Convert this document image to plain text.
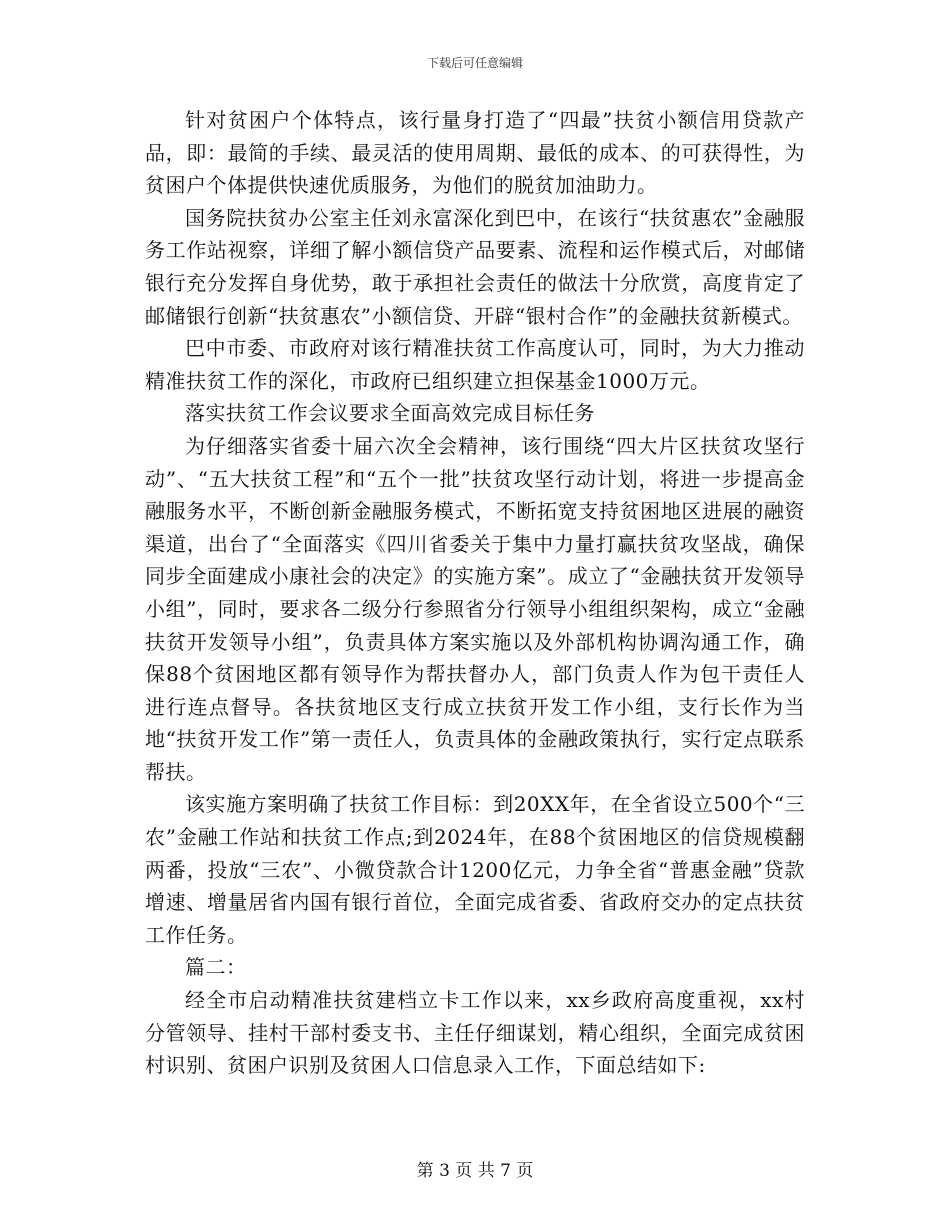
下载后可任意编辑

针对贫困户个体特点，该行量身打造了“四最”扶贫小额信用贷款产品，即：最简的手续、最灵活的使用周期、最低的成本、的可获得性，为贫困户个体提供快速优质服务，为他们的脱贫加油助力。

国务院扶贫办公室主任刘永富深化到巴中，在该行“扶贫惠农”金融服务工作站视察，详细了解小额信贷产品要素、流程和运作模式后，对邮储银行充分发挥自身优势，敢于承担社会责任的做法十分欣赏，高度肯定了邮储银行创新“扶贫惠农”小额信贷、开辟“银村合作”的金融扶贫新模式。

巴中市委、市政府对该行精准扶贫工作高度认可，同时，为大力推动精准扶贫工作的深化，市政府已组织建立担保基金1000万元。

落实扶贫工作会议要求全面高效完成目标任务

为仔细落实省委十届六次全会精神，该行围绕“四大片区扶贫攻坚行动”、“五大扶贫工程”和“五个一批”扶贫攻坚行动计划，将进一步提高金融服务水平，不断创新金融服务模式，不断拓宽支持贫困地区进展的融资渠道，出台了“全面落实《四川省委关于集中力量打赢扶贫攻坚战，确保同步全面建成小康社会的决定》的实施方案”。成立了“金融扶贫开发领导小组”，同时，要求各二级分行参照省分行领导小组组织架构，成立“金融扶贫开发领导小组”，负责具体方案实施以及外部机构协调沟通工作，确保88个贫困地区都有领导作为帮扶督办人，部门负责人作为包干责任人进行连点督导。各扶贫地区支行成立扶贫开发工作小组，支行长作为当地“扶贫开发工作”第一责任人，负责具体的金融政策执行，实行定点联系帮扶。

该实施方案明确了扶贫工作目标：到20XX年，在全省设立500个“三农”金融工作站和扶贫工作点;到2024年，在88个贫困地区的信贷规模翻两番，投放“三农”、小微贷款合计1200亿元，力争全省“普惠金融”贷款增速、增量居省内国有银行首位，全面完成省委、省政府交办的定点扶贫工作任务。

篇二：

经全市启动精准扶贫建档立卡工作以来，xx乡政府高度重视，xx村分管领导、挂村干部村委支书、主任仔细谋划，精心组织，全面完成贫困村识别、贫困户识别及贫困人口信息录入工作，下面总结如下:

第 3 页 共 7 页
